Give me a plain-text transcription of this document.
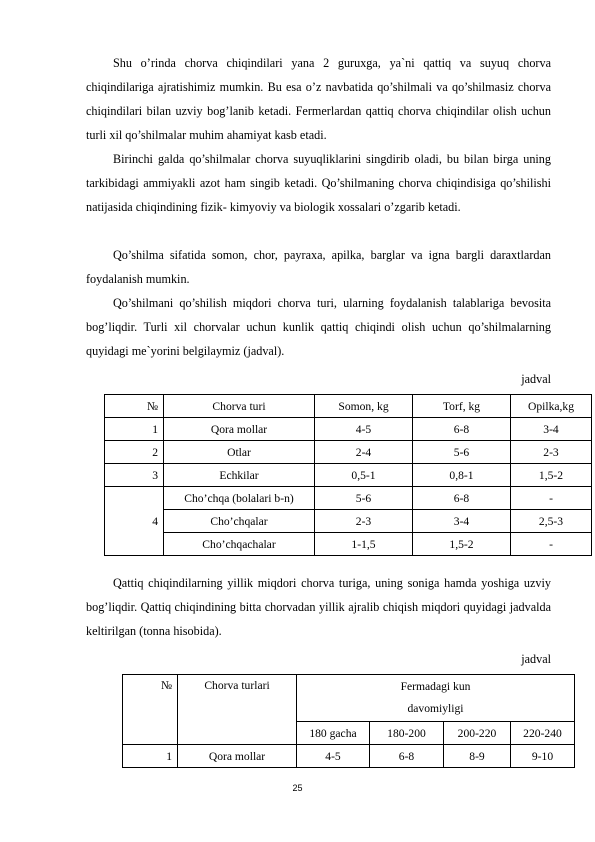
Shu o’rinda chorva chiqindilari yana 2 guruxga, ya`ni qattiq va suyuq chorva chiqindilariga ajratishimiz mumkin. Bu esa o’z navbatida qo’shilmali va qo’shilmasiz chorva chiqindilari bilan uzviy bog’lanib ketadi. Fermerlardan qattiq chorva chiqindilar olish uchun turli xil qo’shilmalar muhim ahamiyat kasb etadi.

Birinchi galda qo’shilmalar chorva suyuqliklarini singdirib oladi, bu bilan birga uning tarkibidagi ammiyakli azot ham singib ketadi. Qo’shilmaning chorva chiqindisiga qo’shilishi natijasida chiqindining fizik- kimyoviy va biologik xossalari o’zgarib ketadi.

Qo’shilma sifatida somon, chor, payraxa, apilka, barglar va igna bargli daraxtlardan foydalanish mumkin.

Qo’shilmani qo’shilish miqdori chorva turi, ularning foydalanish talablariga bevosita bog’liqdir. Turli xil chorvalar uchun kunlik qattiq chiqindi olish uchun qo’shilmalarning quyidagi me`yorini belgilaymiz (jadval).

jadval
№	Chorva turi	Somon, kg	Torf, kg	Opilka,kg
1	Qora mollar	4-5	6-8	3-4
2	Otlar	2-4	5-6	2-3
3	Echkilar	0,5-1	0,8-1	1,5-2
4	Cho’chqa (bolalari b-n)	5-6	6-8	-
	Cho’chqalar	2-3	3-4	2,5-3
	Cho’chqachalar	1-1,5	1,5-2	-

Qattiq chiqindilarning yillik miqdori chorva turiga, uning soniga hamda yoshiga uzviy bog’liqdir. Qattiq chiqindining bitta chorvadan yillik ajralib chiqish miqdori quyidagi jadvalda keltirilgan (tonna hisobida).

jadval
№	Chorva turlari	Fermadagi kun
davomiyligi			

		180 gacha	180-200	200-220	220-240
1	Qora mollar	4-5	6-8	8-9	9-10
25
